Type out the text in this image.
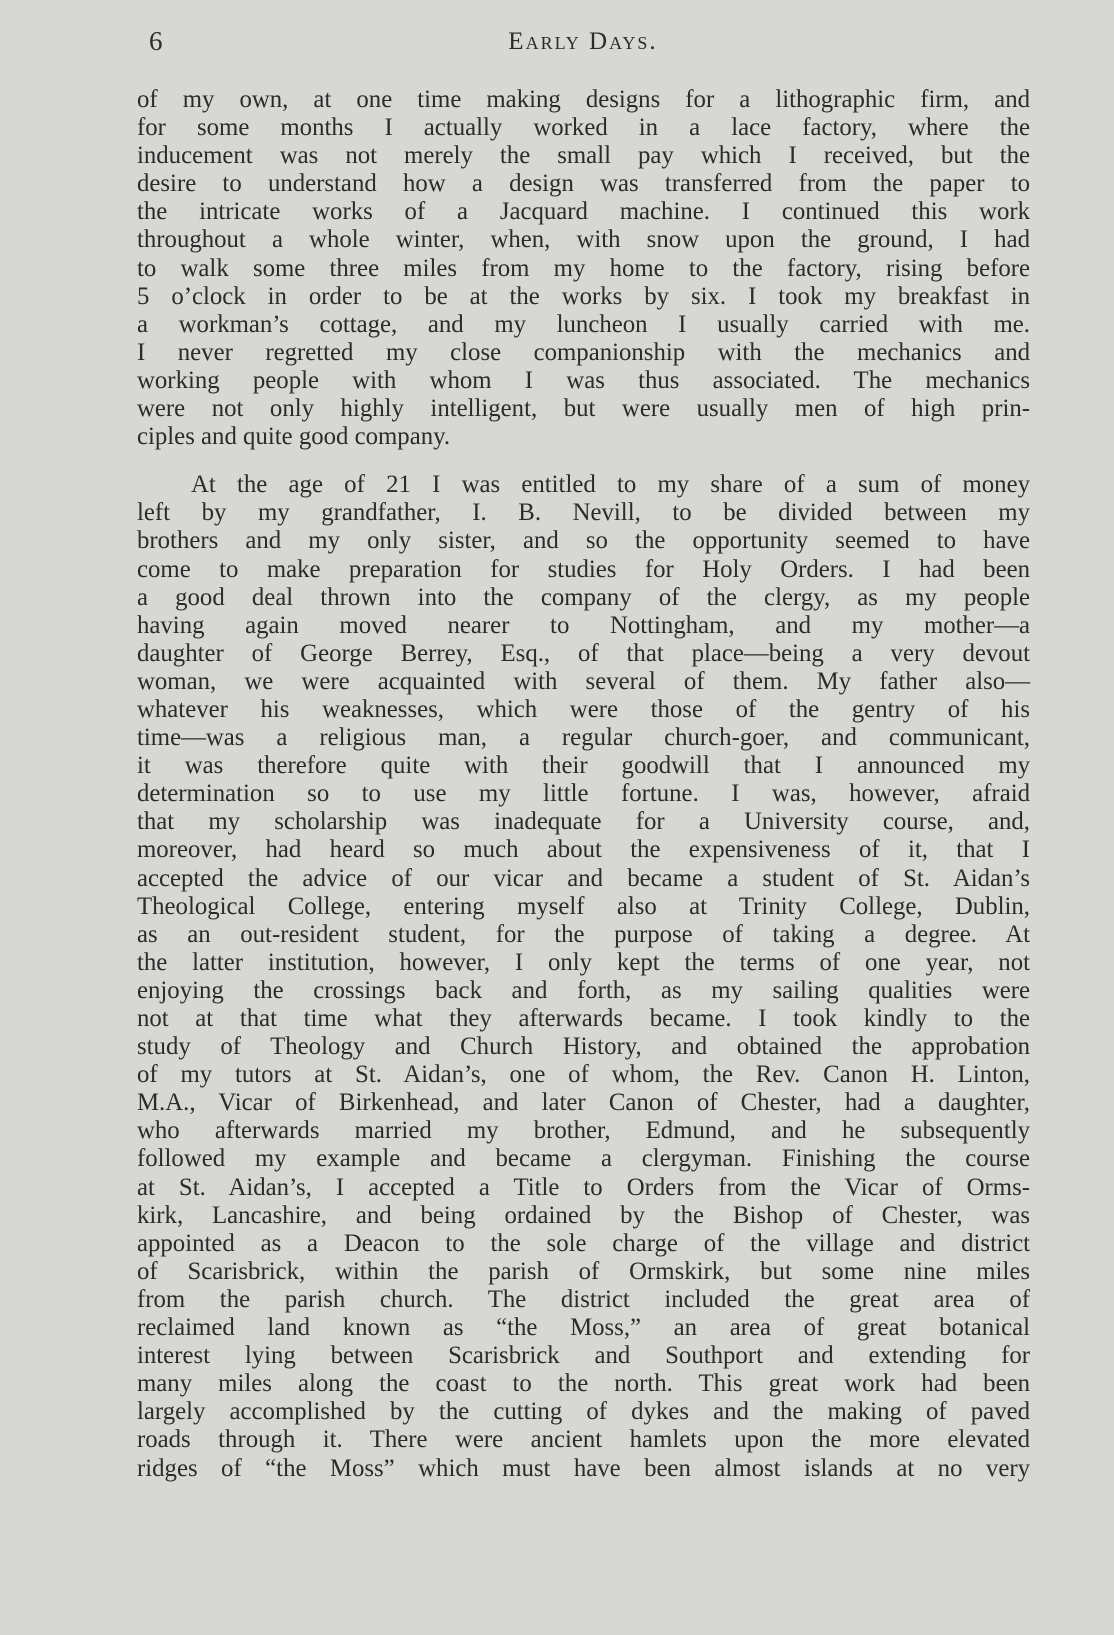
6	Early Days.
of my own, at one time making designs for a lithographic firm, and
for some months I actually worked in a lace factory, where the
inducement was not merely the small pay which I received, but the
desire to understand how a design was transferred from the paper to
the intricate works of a Jacquard machine. I continued this work
throughout a whole winter, when, with snow upon the ground, I had
to walk some three miles from my home to the factory, rising before
5 o’clock in order to be at the works by six. I took my breakfast in
a workman’s cottage, and my luncheon I usually carried with me.
I never regretted my close companionship with the mechanics and
working people with whom I was thus associated. The mechanics
were not only highly intelligent, but were usually men of high prin-
ciples and quite good company.
At the age of 21 I was entitled to my share of a sum of money
left by my grandfather, I. B. Nevill, to be divided between my
brothers and my only sister, and so the opportunity seemed to have
come to make preparation for studies for Holy Orders. I had been
a good deal thrown into the company of the clergy, as my people
having again moved nearer to Nottingham, and my mother—a
daughter of George Berrey, Esq., of that place—being a very devout
woman, we were acquainted with several of them. My father also—
whatever his weaknesses, which were those of the gentry of his
time—was a religious man, a regular church-goer, and communicant,
it was therefore quite with their goodwill that I announced my
determination so to use my little fortune. I was, however, afraid
that my scholarship was inadequate for a University course, and,
moreover, had heard so much about the expensiveness of it, that I
accepted the advice of our vicar and became a student of St. Aidan’s
Theological College, entering myself also at Trinity College, Dublin,
as an out-resident student, for the purpose of taking a degree. At
the latter institution, however, I only kept the terms of one year, not
enjoying the crossings back and forth, as my sailing qualities were
not at that time what they afterwards became. I took kindly to the
study of Theology and Church History, and obtained the approbation
of my tutors at St. Aidan’s, one of whom, the Rev. Canon H. Linton,
M.A., Vicar of Birkenhead, and later Canon of Chester, had a daughter,
who afterwards married my brother, Edmund, and he subsequently
followed my example and became a clergyman. Finishing the course
at St. Aidan’s, I accepted a Title to Orders from the Vicar of Orms-
kirk, Lancashire, and being ordained by the Bishop of Chester, was
appointed as a Deacon to the sole charge of the village and district
of Scarisbrick, within the parish of Ormskirk, but some nine miles
from the parish church. The district included the great area of
reclaimed land known as “the Moss,” an area of great botanical
interest lying between Scarisbrick and Southport and extending for
many miles along the coast to the north. This great work had been
largely accomplished by the cutting of dykes and the making of paved
roads through it. There were ancient hamlets upon the more elevated
ridges of “the Moss” which must have been almost islands at no very
